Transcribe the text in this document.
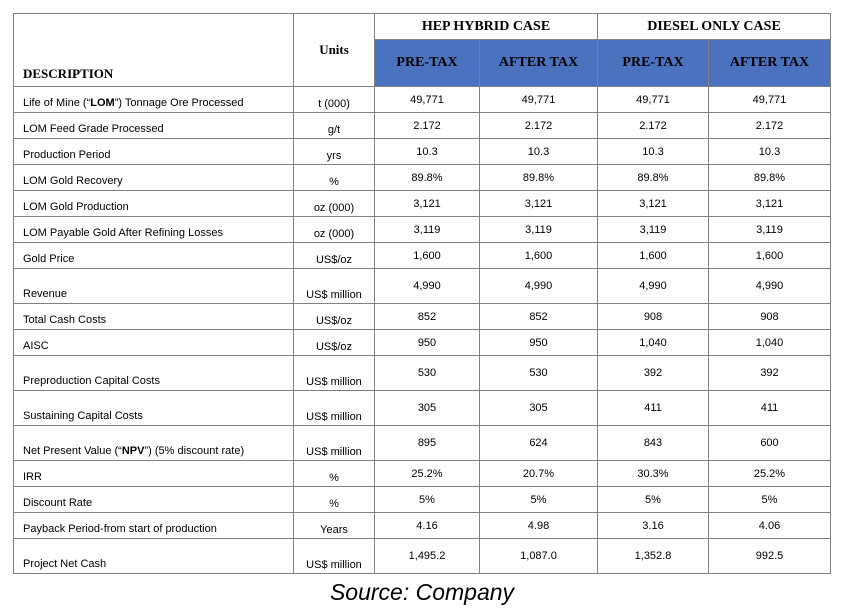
DESCRIPTION	Units	HEP HYBRID CASE		DIESEL ONLY CASE	
		PRE-TAX	AFTER TAX	PRE-TAX	AFTER TAX
Life of Mine (“LOM”) Tonnage Ore Processed	t (000)	49,771	49,771	49,771	49,771
LOM Feed Grade Processed	g/t	2.172	2.172	2.172	2.172
Production Period	yrs	10.3	10.3	10.3	10.3
LOM Gold Recovery	%	89.8%	89.8%	89.8%	89.8%
LOM Gold Production	oz (000)	3,121	3,121	3,121	3,121
LOM Payable Gold After Refining Losses	oz (000)	3,119	3,119	3,119	3,119
Gold Price	US$/oz	1,600	1,600	1,600	1,600
Revenue	US$ million	4,990	4,990	4,990	4,990
Total Cash Costs	US$/oz	852	852	908	908
AISC	US$/oz	950	950	1,040	1,040
Preproduction Capital Costs	US$ million	530	530	392	392
Sustaining Capital Costs	US$ million	305	305	411	411
Net Present Value (“NPV”) (5% discount rate)	US$ million	895	624	843	600
IRR	%	25.2%	20.7%	30.3%	25.2%
Discount Rate	%	5%	5%	5%	5%
Payback Period-from start of production	Years	4.16	4.98	3.16	4.06
Project Net Cash	US$ million	1,495.2	1,087.0	1,352.8	992.5
Source: Company
